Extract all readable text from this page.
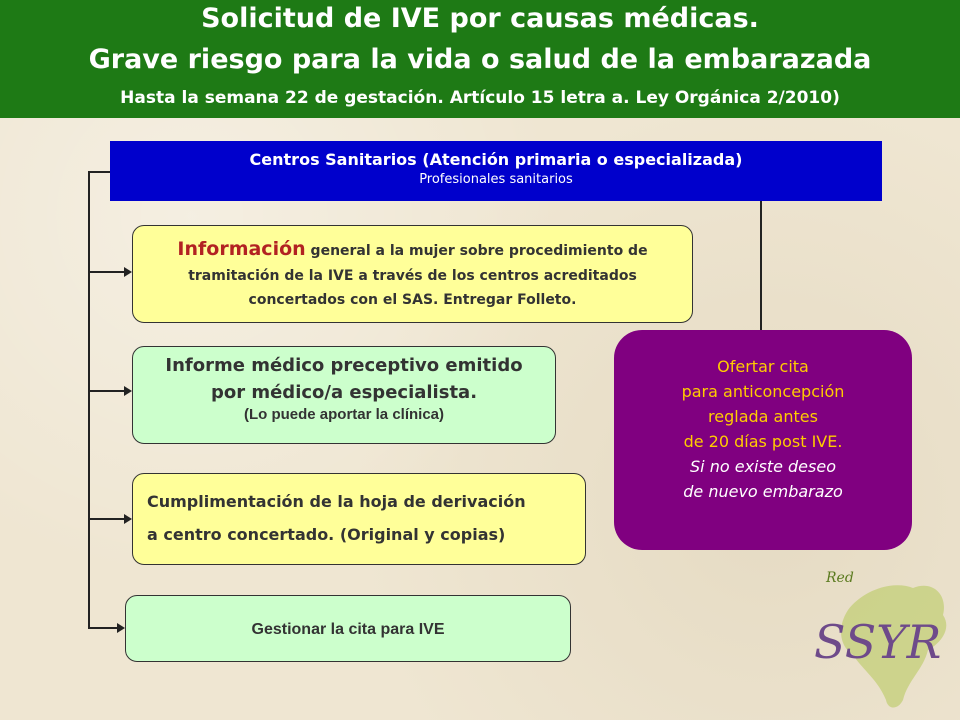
Solicitud de IVE por causas médicas.
Grave riesgo para la vida o salud de la embarazada
Hasta la semana 22 de gestación. Artículo 15 letra a. Ley Orgánica 2/2010)
Centros Sanitarios (Atención primaria o especializada)
Profesionales sanitarios
Información general a la mujer sobre procedimiento de
tramitación de la IVE a través de los centros acreditados
concertados con el SAS. Entregar Folleto.
Informe médico preceptivo emitido
por médico/a especialista.
(Lo puede aportar la clínica)
Cumplimentación de la hoja de derivación
a centro concertado. (Original y copias)
Gestionar la cita para IVE
Ofertar cita
para anticoncepción
reglada antes
de 20 días post IVE.
Si no existe deseo
de nuevo embarazo
Red
SSYR
